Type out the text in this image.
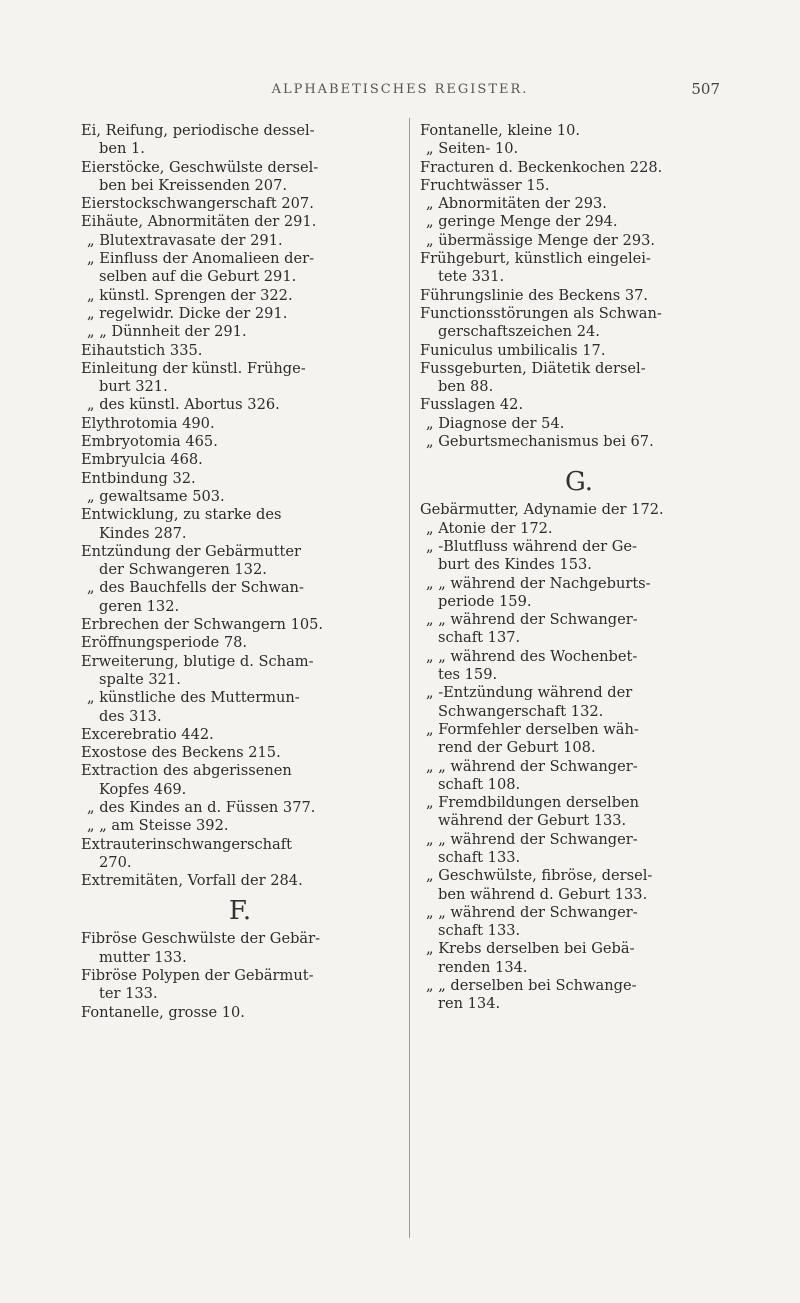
ALPHABETISCHES REGISTER.	507
Ei, Reifung, periodische dessel-
ben 1.
Eierstöcke, Geschwülste dersel-
ben bei Kreissenden 207.
Eierstockschwangerschaft 207.
Eihäute, Abnormitäten der 291.
„ Blutextravasate der 291.
„ Einfluss der Anomalieen der-
selben auf die Geburt 291.
„ künstl. Sprengen der 322.
„ regelwidr. Dicke der 291.
„ „ Dünnheit der 291.
Eihautstich 335.
Einleitung der künstl. Frühge-
burt 321.
„ des künstl. Abortus 326.
Elythrotomia 490.
Embryotomia 465.
Embryulcia 468.
Entbindung 32.
„ gewaltsame 503.
Entwicklung, zu starke des
Kindes 287.
Entzündung der Gebärmutter
der Schwangeren 132.
„ des Bauchfells der Schwan-
geren 132.
Erbrechen der Schwangern 105.
Eröffnungsperiode 78.
Erweiterung, blutige d. Scham-
spalte 321.
„ künstliche des Muttermun-
des 313.
Excerebratio 442.
Exostose des Beckens 215.
Extraction des abgerissenen
Kopfes 469.
„ des Kindes an d. Füssen 377.
„ „ am Steisse 392.
Extrauterinschwangerschaft
270.
Extremitäten, Vorfall der 284.
F.
Fibröse Geschwülste der Gebär-
mutter 133.
Fibröse Polypen der Gebärmut-
ter 133.
Fontanelle, grosse 10.
Fontanelle, kleine 10.
„ Seiten- 10.
Fracturen d. Beckenkochen 228.
Fruchtwässer 15.
„ Abnormitäten der 293.
„ geringe Menge der 294.
„ übermässige Menge der 293.
Frühgeburt, künstlich eingelei-
tete 331.
Führungslinie des Beckens 37.
Functionsstörungen als Schwan-
gerschaftszeichen 24.
Funiculus umbilicalis 17.
Fussgeburten, Diätetik dersel-
ben 88.
Fusslagen 42.
„ Diagnose der 54.
„ Geburtsmechanismus bei 67.
G.
Gebärmutter, Adynamie der 172.
„ Atonie der 172.
„ -Blutfluss während der Ge-
burt des Kindes 153.
„ „ während der Nachgeburts-
periode 159.
„ „ während der Schwanger-
schaft 137.
„ „ während des Wochenbet-
tes 159.
„ -Entzündung während der
Schwangerschaft 132.
„ Formfehler derselben wäh-
rend der Geburt 108.
„ „ während der Schwanger-
schaft 108.
„ Fremdbildungen derselben
während der Geburt 133.
„ „ während der Schwanger-
schaft 133.
„ Geschwülste, fibröse, dersel-
ben während d. Geburt 133.
„ „ während der Schwanger-
schaft 133.
„ Krebs derselben bei Gebä-
renden 134.
„ „ derselben bei Schwange-
ren 134.
